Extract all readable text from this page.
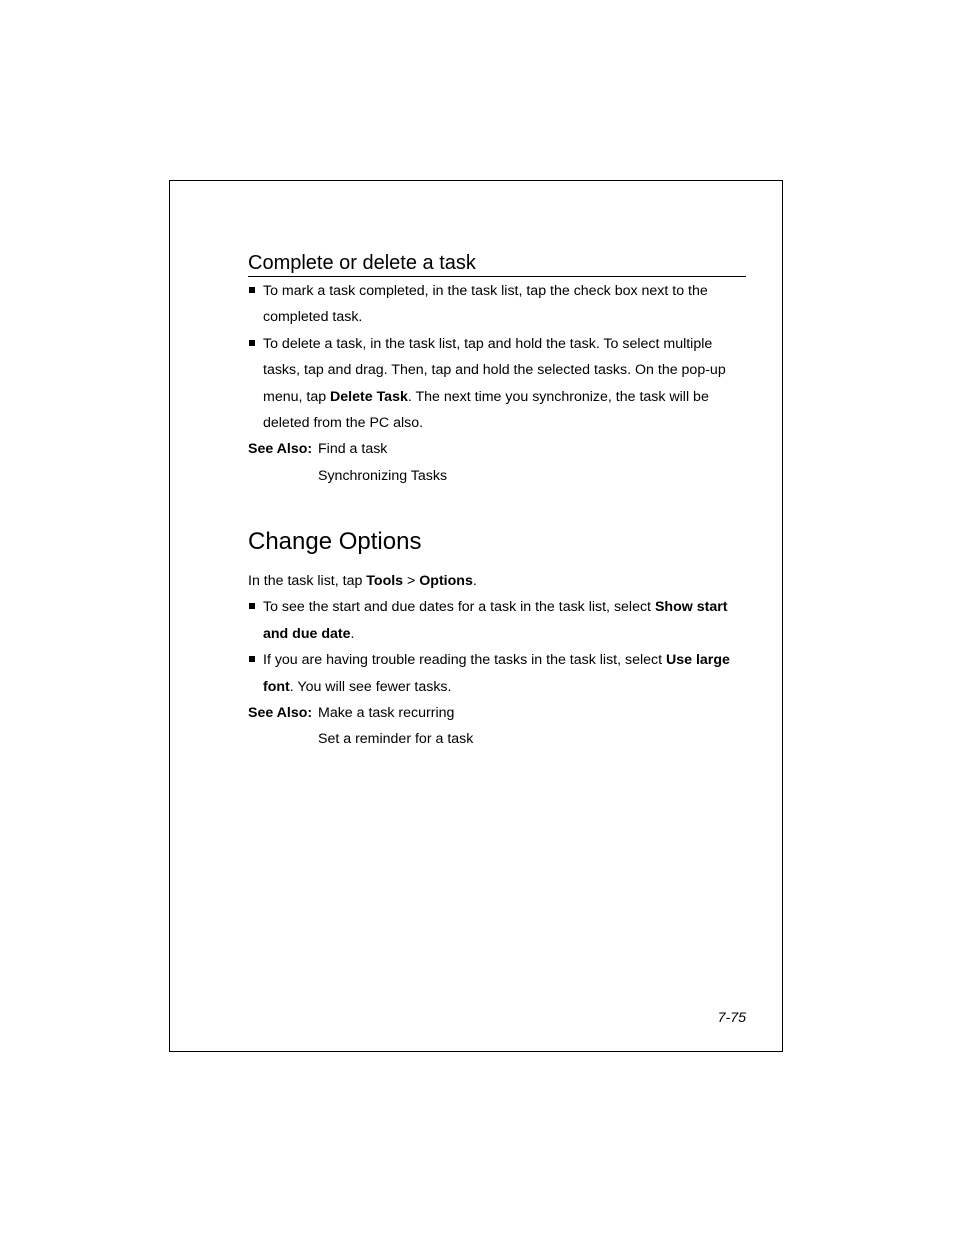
Complete or delete a task
To mark a task completed, in the task list, tap the check box next to the completed task.
To delete a task, in the task list, tap and hold the task. To select multiple tasks, tap and drag. Then, tap and hold the selected tasks. On the pop-up menu, tap Delete Task. The next time you synchronize, the task will be deleted from the PC also.
See Also: Find a task
Synchronizing Tasks
Change Options

In the task list, tap Tools > Options.

To see the start and due dates for a task in the task list, select Show start and due date.
If you are having trouble reading the tasks in the task list, select Use large font. You will see fewer tasks.
See Also: Make a task recurring
Set a reminder for a task
7-75
